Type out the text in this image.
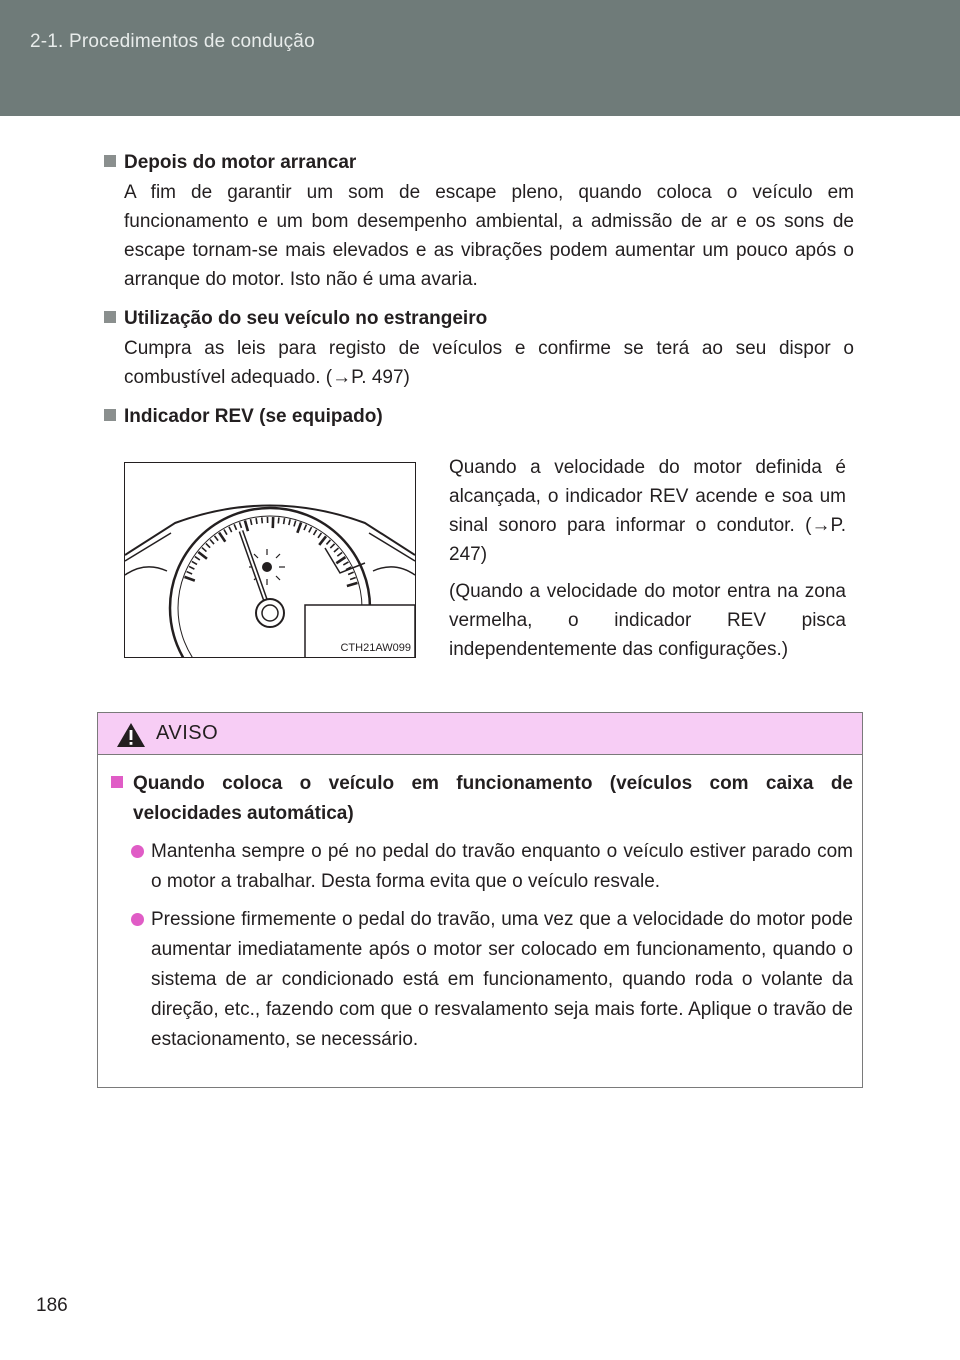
2-1. Procedimentos de condução

Depois do motor arrancar

A fim de garantir um som de escape pleno, quando coloca o veículo em funcionamento e um bom desempenho ambiental, a admissão de ar e os sons de escape tornam-se mais elevados e as vibrações podem aumentar um pouco após o arranque do motor. Isto não é uma avaria.

Utilização do seu veículo no estrangeiro

Cumpra as leis para registo de veículos e confirme se terá ao seu dispor o combustível adequado. (→P. 497)

Indicador REV (se equipado)

CTH21AW099

Quando a velocidade do motor definida é alcançada, o indicador REV acende e soa um sinal sonoro para informar o condutor. (→P. 247)

(Quando a velocidade do motor entra na zona vermelha, o indicador REV pisca independentemente das configurações.)

AVISO

Quando coloca o veículo em funcionamento (veículos com caixa de velocidades automática)

Mantenha sempre o pé no pedal do travão enquanto o veículo estiver parado com o motor a trabalhar. Desta forma evita que o veículo resvale.
Pressione firmemente o pedal do travão, uma vez que a velocidade do motor pode aumentar imediatamente após o motor ser colocado em funcionamento, quando o sistema de ar condicionado está em funcionamento, quando roda o volante da direção, etc., fazendo com que o resvalamento seja mais forte. Aplique o travão de estacionamento, se necessário.
186
